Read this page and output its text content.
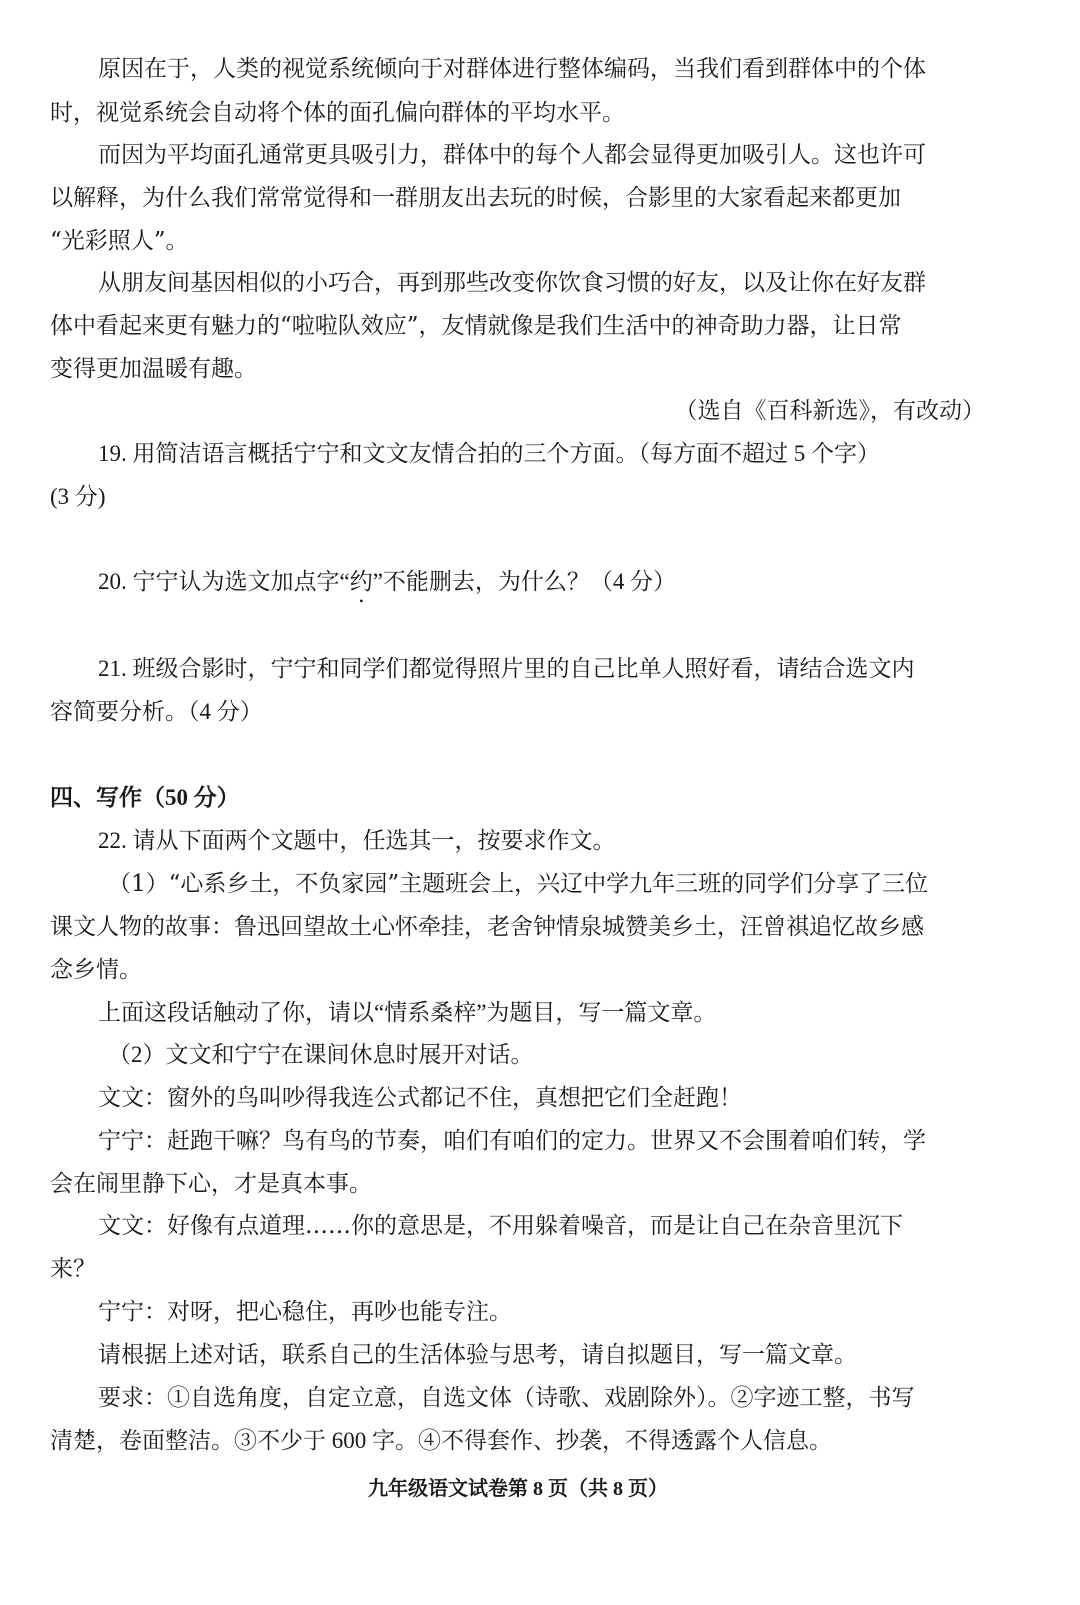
原因在于，人类的视觉系统倾向于对群体进行整体编码，当我们看到群体中的个体
时，视觉系统会自动将个体的面孔偏向群体的平均水平。
而因为平均面孔通常更具吸引力，群体中的每个人都会显得更加吸引人。这也许可
以解释，为什么我们常常觉得和一群朋友出去玩的时候，合影里的大家看起来都更加
“光彩照人”。
从朋友间基因相似的小巧合，再到那些改变你饮食习惯的好友，以及让你在好友群
体中看起来更有魅力的“啦啦队效应”，友情就像是我们生活中的神奇助力器，让日常
变得更加温暖有趣。
（选自《百科新选》，有改动）
19. 用简洁语言概括宁宁和文文友情合拍的三个方面。（每方面不超过 5 个字）
(3 分)
20. 宁宁认为选文加点字“约”不能删去，为什么？（4 分）
21. 班级合影时，宁宁和同学们都觉得照片里的自己比单人照好看，请结合选文内
容简要分析。（4 分）
四、写作（50 分）
22. 请从下面两个文题中，任选其一，按要求作文。
（1）“心系乡土，不负家园”主题班会上，兴辽中学九年三班的同学们分享了三位
课文人物的故事：鲁迅回望故土心怀牵挂，老舍钟情泉城赞美乡土，汪曾祺追忆故乡感
念乡情。
上面这段话触动了你，请以“情系桑梓”为题目，写一篇文章。
（2）文文和宁宁在课间休息时展开对话。
文文：窗外的鸟叫吵得我连公式都记不住，真想把它们全赶跑！
宁宁：赶跑干嘛？鸟有鸟的节奏，咱们有咱们的定力。世界又不会围着咱们转，学
会在闹里静下心，才是真本事。
文文：好像有点道理……你的意思是，不用躲着噪音，而是让自己在杂音里沉下
来？
宁宁：对呀，把心稳住，再吵也能专注。
请根据上述对话，联系自己的生活体验与思考，请自拟题目，写一篇文章。
要求：①自选角度，自定立意，自选文体（诗歌、戏剧除外）。②字迹工整，书写
清楚，卷面整洁。③不少于 600 字。④不得套作、抄袭，不得透露个人信息。
九年级语文试卷第 8 页（共 8 页）
